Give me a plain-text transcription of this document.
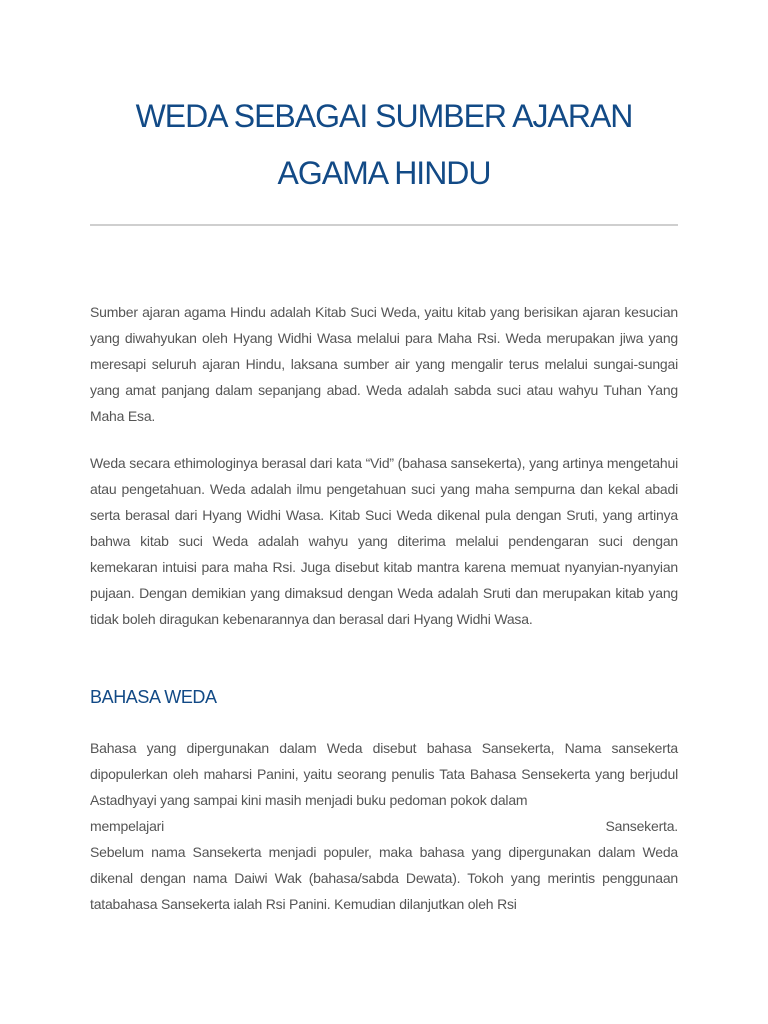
WEDA SEBAGAI SUMBER AJARAN AGAMA HINDU

Sumber ajaran agama Hindu adalah Kitab Suci Weda, yaitu kitab yang berisikan ajaran kesucian yang diwahyukan oleh Hyang Widhi Wasa melalui para Maha Rsi. Weda merupakan jiwa yang meresapi seluruh ajaran Hindu, laksana sumber air yang mengalir terus melalui sungai-sungai yang amat panjang dalam sepanjang abad. Weda adalah sabda suci atau wahyu Tuhan Yang Maha Esa.

Weda secara ethimologinya berasal dari kata “Vid” (bahasa sansekerta), yang artinya mengetahui atau pengetahuan. Weda adalah ilmu pengetahuan suci yang maha sempurna dan kekal abadi serta berasal dari Hyang Widhi Wasa. Kitab Suci Weda dikenal pula dengan Sruti, yang artinya bahwa kitab suci Weda adalah wahyu yang diterima melalui pendengaran suci dengan kemekaran intuisi para maha Rsi. Juga disebut kitab mantra karena memuat nyanyian-nyanyian pujaan. Dengan demikian yang dimaksud dengan Weda adalah Sruti dan merupakan kitab yang tidak boleh diragukan kebenarannya dan berasal dari Hyang Widhi Wasa.

BAHASA WEDA

Bahasa yang dipergunakan dalam Weda disebut bahasa Sansekerta, Nama sansekerta dipopulerkan oleh maharsi Panini, yaitu seorang penulis Tata Bahasa Sensekerta yang berjudul Astadhyayi yang sampai kini masih menjadi buku pedoman pokok dalam

mempelajari	Sansekerta.

Sebelum nama Sansekerta menjadi populer, maka bahasa yang dipergunakan dalam Weda dikenal dengan nama Daiwi Wak (bahasa/sabda Dewata). Tokoh yang merintis penggunaan tatabahasa Sansekerta ialah Rsi Panini. Kemudian dilanjutkan oleh Rsi
